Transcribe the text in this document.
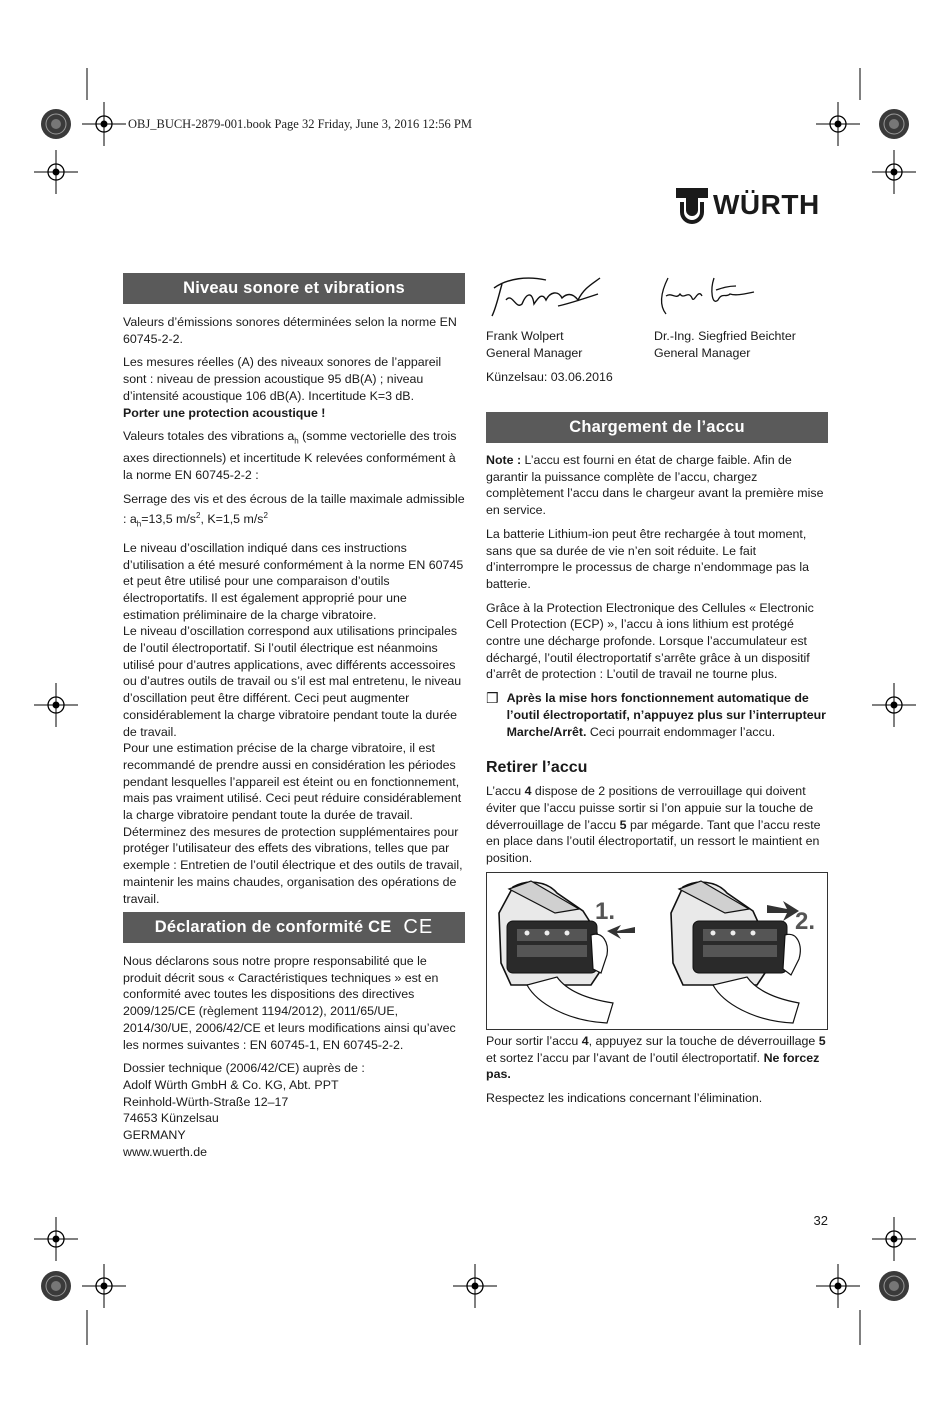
OBJ_BUCH-2879-001.book Page 32 Friday, June 3, 2016 12:56 PM
WÜRTH
Niveau sonore et vibrations

Valeurs d’émissions sonores déterminées selon la norme EN 60745-2-2.

Les mesures réelles (A) des niveaux sonores de l’appareil sont : niveau de pression acoustique 95 dB(A) ; niveau d’intensité acoustique 106 dB(A). Incertitude K=3 dB.

Porter une protection acoustique !

Valeurs totales des vibrations $a_h$ (somme vectorielle des trois axes directionnels) et incertitude K relevées conformément à la norme EN 60745-2-2 :

Serrage des vis et des écrous de la taille maximale admissible : $a_h=13,5$ $m/s^2$, K=1,5 $m/s^2$

Le niveau d’oscillation indiqué dans ces instructions d’utilisation a été mesuré conformément à la norme EN 60745 et peut être utilisé pour une comparaison d’outils électroportatifs. Il est également approprié pour une estimation préliminaire de la charge vibratoire.

Le niveau d’oscillation correspond aux utilisations principales de l’outil électroportatif. Si l’outil électrique est néanmoins utilisé pour d’autres applications, avec différents accessoires ou d’autres outils de travail ou s’il est mal entretenu, le niveau d’oscillation peut être différent. Ceci peut augmenter considérablement la charge vibratoire pendant toute la durée de travail.

Pour une estimation précise de la charge vibratoire, il est recommandé de prendre aussi en considération les périodes pendant lesquelles l’appareil est éteint ou en fonctionnement, mais pas vraiment utilisé. Ceci peut réduire considérablement la charge vibratoire pendant toute la durée de travail.

Déterminez des mesures de protection supplémentaires pour protéger l’utilisateur des effets des vibrations, telles que par exemple : Entretien de l’outil électrique et des outils de travail, maintenir les mains chaudes, organisation des opérations de travail.

Déclaration de conformité CE CE

Nous déclarons sous notre propre responsabilité que le produit décrit sous « Caractéristiques techniques » est en conformité avec toutes les dispositions des directives 2009/125/CE (règlement 1194/2012), 2011/65/UE, 2014/30/UE, 2006/42/CE et leurs modifications ainsi qu’avec les normes suivantes : EN 60745-1, EN 60745-2-2.

Dossier technique (2006/42/CE) auprès de :

Adolf Würth GmbH & Co. KG, Abt. PPT

Reinhold-Würth-Straße 12–17

74653 Künzelsau

GERMANY

www.wuerth.de

Frank Wolpert
General Manager
Dr.-Ing. Siegfried Beichter
General Manager
Künzelsau: 03.06.2016
Chargement de l’accu

Note : L’accu est fourni en état de charge faible. Afin de garantir la puissance complète de l’accu, chargez complètement l’accu dans le chargeur avant la première mise en service.

La batterie Lithium-ion peut être rechargée à tout moment, sans que sa durée de vie n’en soit réduite. Le fait d’interrompre le processus de charge n’endommage pas la batterie.

Grâce à la Protection Electronique des Cellules « Electronic Cell Protection (ECP) », l’accu à ions lithium est protégé contre une décharge profonde. Lorsque l’accumulateur est déchargé, l’outil électroportatif s’arrête grâce à un dispositif d’arrêt de protection : L’outil de travail ne tourne plus.

❒ Après la mise hors fonctionnement automatique de l’outil électroportatif, n’appuyez plus sur l’interrupteur Marche/Arrêt. Ceci pourrait endommager l’accu.

Retirer l’accu

L’accu 4 dispose de 2 positions de verrouillage qui doivent éviter que l’accu puisse sortir si l’on appuie sur la touche de déverrouillage de l’accu 5 par mégarde. Tant que l’accu reste en place dans l’outil électroportatif, un ressort le maintient en position.

1.	2.

Pour sortir l’accu 4, appuyez sur la touche de déverrouillage 5 et sortez l’accu par l’avant de l’outil électroportatif. Ne forcez pas.

Respectez les indications concernant l’élimination.

32
